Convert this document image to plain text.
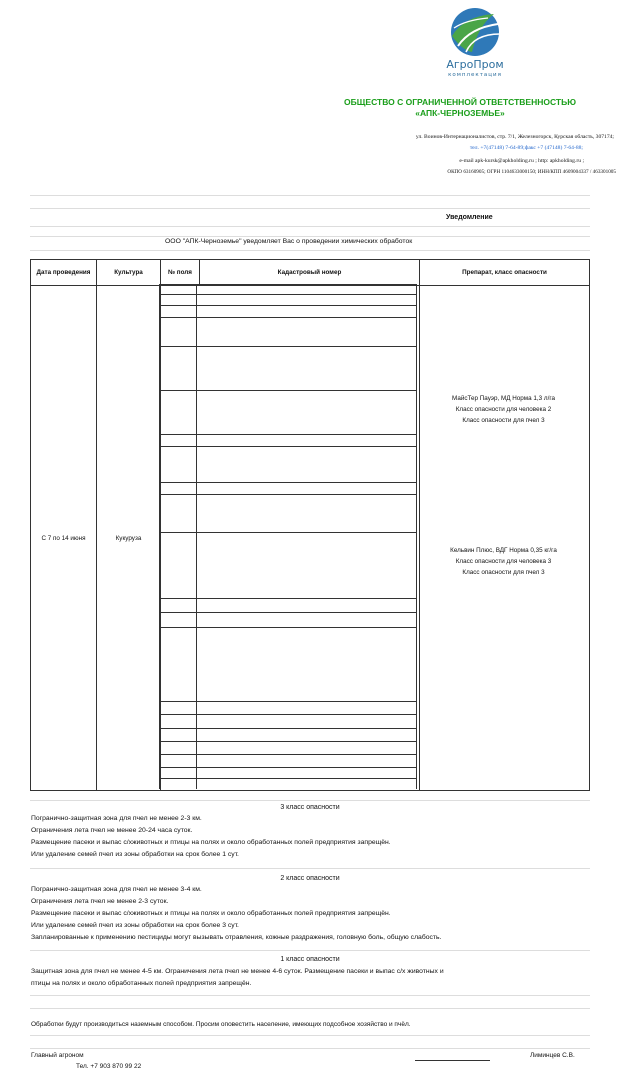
АгроПром
комплектация
ОБЩЕСТВО С ОГРАНИЧЕННОЙ ОТВЕТСТВЕННОСТЬЮ
«АПК-ЧЕРНОЗЕМЬЕ»
ул. Воинов-Интернационалистов, стр. 7/1, Железногорск, Курская область, 307174;
тел. +7(47148) 7-64-89;факс +7 (47148) 7-64-88;
e-mail apk-kursk@apkholding.ru ; http: apkholding.ru ;
ОКПО 63160905; ОГРН 1104633000150; ИНН/КПП 4609004337 / 463301005
Уведомление
ООО "АПК-Черноземье" уведомляет Вас о проведении химических обработок
Дата проведения	Культура	№ поля	Кадастровый номер	Препарат, класс опасности
С 7 по 14 июня	Кукуруза			
МайсТер Пауэр, МД Норма 1,3 л/га
Класс опасности для человека 2
Класс опасности для пчел 3
Кельвин Плюс, ВДГ Норма 0,35 кг/га
Класс опасности для человека 3
Класс опасности для пчел 3
3 класс опасности
Погранично-защитная зона для пчел не менее 2-3 км.
Ограничения лета пчел не менее 20-24 часа суток.
Размещение пасеки и выпас с/хживотных и птицы на полях и около обработанных полей предприятия запрещён.
Или удаление семей пчел из зоны обработки на срок более 1 сут.
2 класс опасности
Погранично-защитная зона для пчел не менее 3-4 км.
Ограничения лета пчел не менее 2-3 суток.
Размещение пасеки и выпас с/хживотных и птицы на полях и около обработанных полей предприятия запрещён.
Или удаление семей пчел из зоны обработки на срок более 3 сут.
Запланированные к применению пестициды могут вызывать отравления, кожные раздражения, головную боль, общую слабость.
1 класс опасности
Защитная зона для пчел не менее 4-5 км. Ограничения лета пчел не менее 4-6 суток. Размещение пасеки и выпас с/х животных и
птицы на полях и около обработанных полей предприятия запрещён.
Обработки будут производиться наземным способом. Просим оповестить население, имеющих подсобное хозяйство и пчёл.
Главный агроном
Тел. +7 903 870 99 22
Лиминцев С.В.
